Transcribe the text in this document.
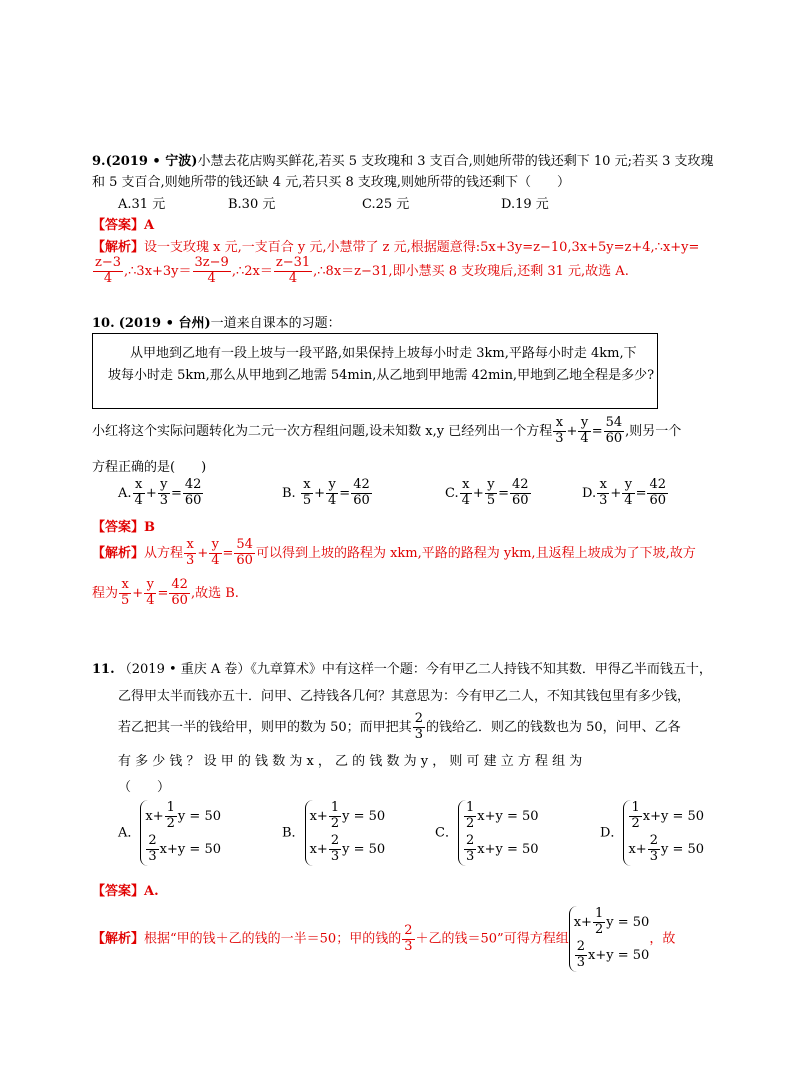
9.(2019 • 宁波)小慧去花店购买鲜花,若买 5 支玫瑰和 3 支百合,则她所带的钱还剩下 10 元;若买 3 支玫瑰
和 5 支百合,则她所带的钱还缺 4 元,若只买 8 支玫瑰,则她所带的钱还剩下（　　）
A.31 元	B.30 元	C.25 元	D.19 元
【答案】A
【解析】设一支玫瑰 x 元,一支百合 y 元,小慧带了 z 元,根据题意得:5x+3y=z−10,3x+5y=z+4,∴x+y=
$\frac{z-3}{4}$ ,∴3x+3y＝ $\frac{3z-9}{4}$ ,∴2x＝ $\frac{z-31}{4}$ ,∴8x＝z−31,即小慧买 8 支玫瑰后,还剩 31 元,故选 A.
10. (2019 • 台州)一道来自课本的习题：
从甲地到乙地有一段上坡与一段平路,如果保持上坡每小时走 3km,平路每小时走 4km,下
坡每小时走 5km,那么从甲地到乙地需 54min,从乙地到甲地需 42min,甲地到乙地全程是多少?
小红将这个实际问题转化为二元一次方程组问题,设未知数 x,y 已经列出一个方程 $\frac{x}{3} + \frac{y}{4} = \frac{54}{60}$ ,则另一个
方程正确的是(　　)
A. $\frac{x}{4} + \frac{y}{3} = \frac{42}{60}$	B. $\frac{x}{5} + \frac{y}{4} = \frac{42}{60}$	C. $\frac{x}{4} + \frac{y}{5} = \frac{42}{60}$	D. $\frac{x}{3} + \frac{y}{4} = \frac{42}{60}$
【答案】B
【解析】从方程 $\frac{x}{3} + \frac{y}{4} = \frac{54}{60}$ 可以得到上坡的路程为 xkm,平路的路程为 ykm,且返程上坡成为了下坡,故方
程为 $\frac{x}{5} + \frac{y}{4} = \frac{42}{60}$ ,故选 B.
11. （2019 • 重庆 A 卷）《九章算术》中有这样一个题：今有甲乙二人持钱不知其数．甲得乙半而钱五十，
乙得甲太半而钱亦五十．问甲、乙持钱各几何？其意思为：今有甲乙二人，不知其钱包里有多少钱，
若乙把其一半的钱给甲，则甲的数为 50；而甲把其 $\frac{2}{3}$ 的钱给乙．则乙的钱数也为 50，问甲、乙各
有 多 少 钱 ？ 设 甲 的 钱 数 为 x ， 乙 的 钱 数 为 y ， 则 可 建 立 方 程 组 为
（　　）
A．
$x+ \frac{1}{2}$ y = 50
$\frac{2}{3} x+y = 50$
B．
$x+ \frac{1}{2}$ y = 50
$x+ \frac{2}{3}$ y = 50
C．
$\frac{1}{2} x+y = 50$
$\frac{2}{3} x+y = 50$
D．
$\frac{1}{2} x+y = 50$
$x+ \frac{2}{3}$ y = 50
【答案】A.
【解析】根据“甲的钱＋乙的钱的一半＝50；甲的钱的 $\frac{2}{3}$ ＋乙的钱＝50”可得方程组
$x+ \frac{1}{2}$ y = 50
$\frac{2}{3} x+y = 50$
，故
